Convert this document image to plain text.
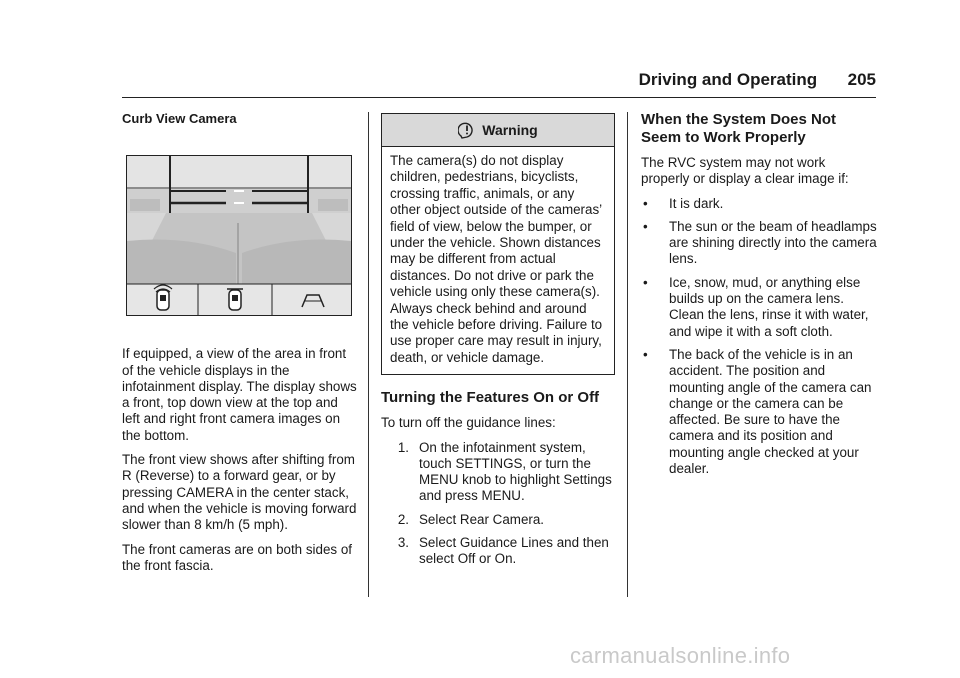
Driving and Operating 205

Curb View Camera

If equipped, a view of the area in front of the vehicle displays in the infotainment display. The display shows a front, top down view at the top and left and right front camera images on the bottom.

The front view shows after shifting from R (Reverse) to a forward gear, or by pressing CAMERA in the center stack, and when the vehicle is moving forward slower than 8 km/h (5 mph).

The front cameras are on both sides of the front fascia.

Warning
The camera(s) do not display children, pedestrians, bicyclists, crossing traffic, animals, or any other object outside of the cameras’ field of view, below the bumper, or under the vehicle. Shown distances may be different from actual distances. Do not drive or park the vehicle using only these camera(s). Always check behind and around the vehicle before driving. Failure to use proper care may result in injury, death, or vehicle damage.

Turning the Features On or Off

To turn off the guidance lines:

1. On the infotainment system, touch SETTINGS, or turn the MENU knob to highlight Settings and press MENU.
2. Select Rear Camera.
3. Select Guidance Lines and then select Off or On.

When the System Does Not Seem to Work Properly

The RVC system may not work properly or display a clear image if:

•	It is dark.
•	The sun or the beam of headlamps are shining directly into the camera lens.
•	Ice, snow, mud, or anything else builds up on the camera lens. Clean the lens, rinse it with water, and wipe it with a soft cloth.
•	The back of the vehicle is in an accident. The position and mounting angle of the camera can change or the camera can be affected. Be sure to have the camera and its position and mounting angle checked at your dealer.
carmanualsonline.info
